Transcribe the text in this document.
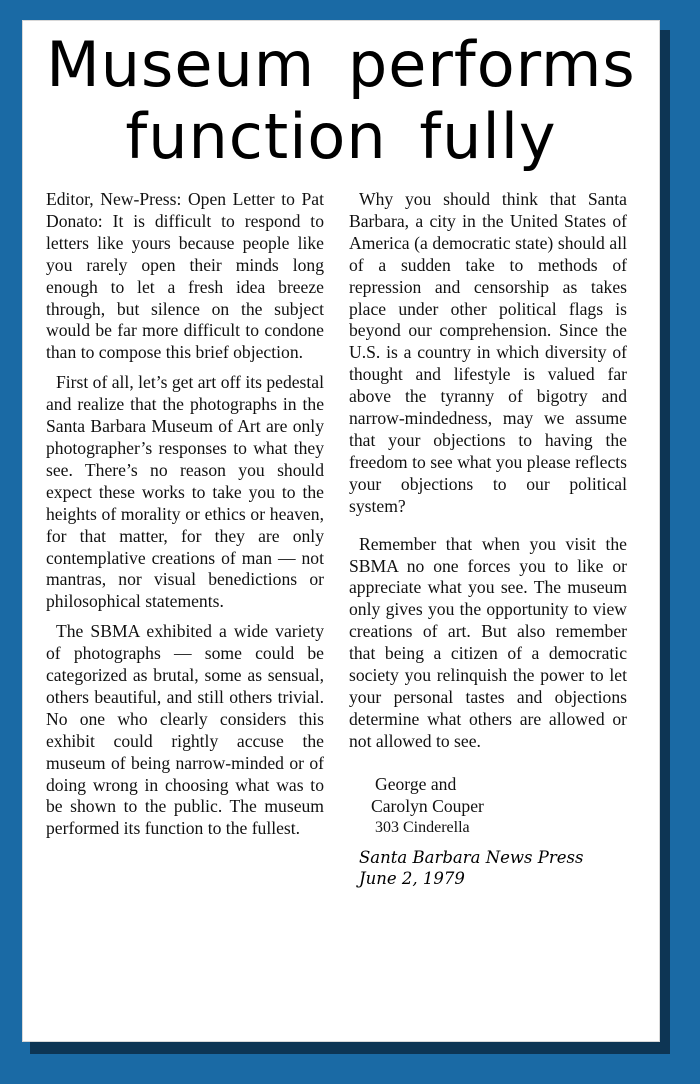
Museum performs
function fully

Editor, New-Press: Open Letter to Pat Donato: It is difficult to respond to letters like yours because people like you rarely open their minds long enough to let a fresh idea breeze through, but silence on the subject would be far more difficult to condone than to compose this brief objection.

First of all, let’s get art off its pedestal and realize that the photographs in the Santa Barbara Museum of Art are only photographer’s responses to what they see. There’s no reason you should expect these works to take you to the heights of morality or ethics or heaven, for that matter, for they are only contemplative creations of man — not mantras, nor visual benedictions or philosophical statements.

The SBMA exhibited a wide variety of photographs — some could be categorized as brutal, some as sensual, others beautiful, and still others trivial. No one who clearly considers this exhibit could rightly accuse the museum of being narrow-minded or of doing wrong in choosing what was to be shown to the public. The museum performed its function to the fullest.

Why you should think that Santa Barbara, a city in the United States of America (a democratic state) should all of a sudden take to methods of repression and censorship as takes place under other political flags is beyond our comprehension. Since the U.S. is a country in which diversity of thought and lifestyle is valued far above the tyranny of bigotry and narrow-mindedness, may we assume that your objections to having the freedom to see what you please reflects your objections to our political system?

Remember that when you visit the SBMA no one forces you to like or appreciate what you see. The museum only gives you the opportunity to view creations of art. But also remember that being a citizen of a democratic society you relinquish the power to let your personal tastes and objections determine what others are allowed or not allowed to see.

George and
Carolyn Couper
303 Cinderella
Santa Barbara News Press
June 2, 1979
